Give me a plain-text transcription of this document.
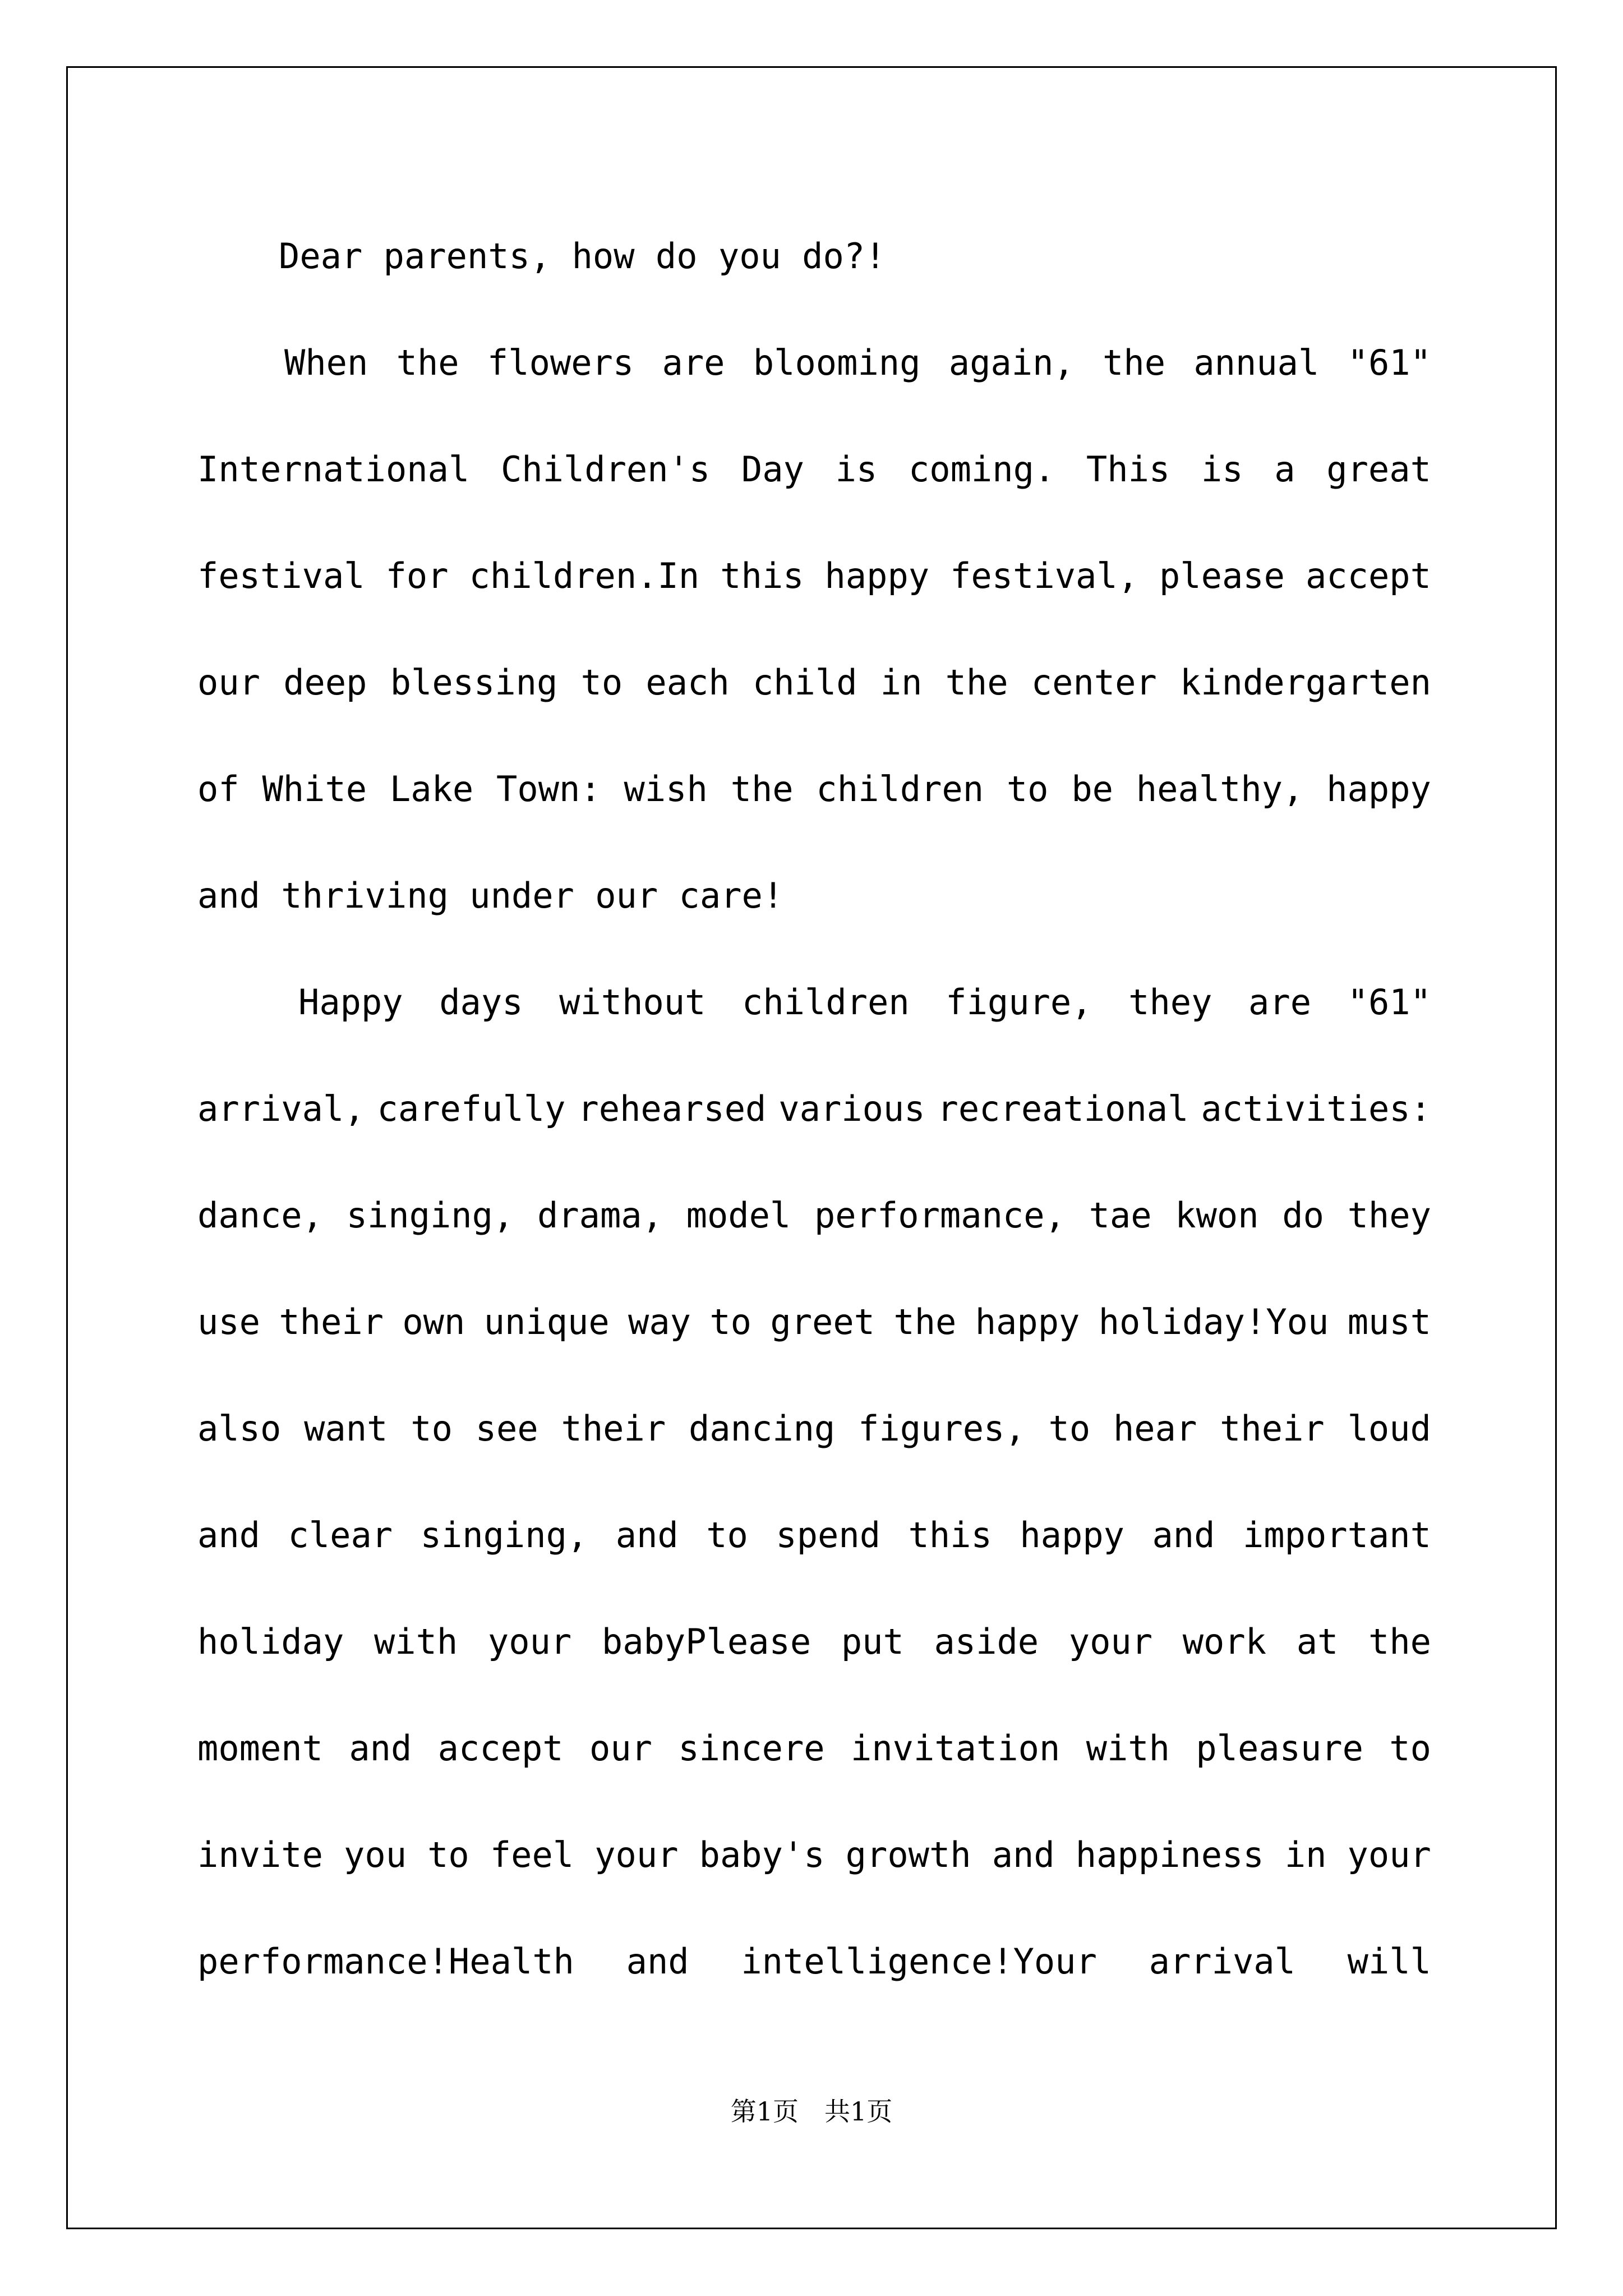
Dear parents, how do you do?!
When the flowers are blooming again, the annual "61"
International Children's Day is coming. This is a great
festival for children.In this happy festival, please accept
our deep blessing to each child in the center kindergarten
of White Lake Town: wish the children to be healthy, happy
and thriving under our care!
Happy days without children figure, they are "61"
arrival, carefully rehearsed various recreational activities:
dance, singing, drama, model performance, tae kwon do they
use their own unique way to greet the happy holiday!You must
also want to see their dancing figures, to hear their loud
and clear singing, and to spend this happy and important
holiday with your babyPlease put aside your work at the
moment and accept our sincere invitation with pleasure to
invite you to feel your baby's growth and happiness in your
performance!Health and intelligence!Your arrival will
第1页　共1页
